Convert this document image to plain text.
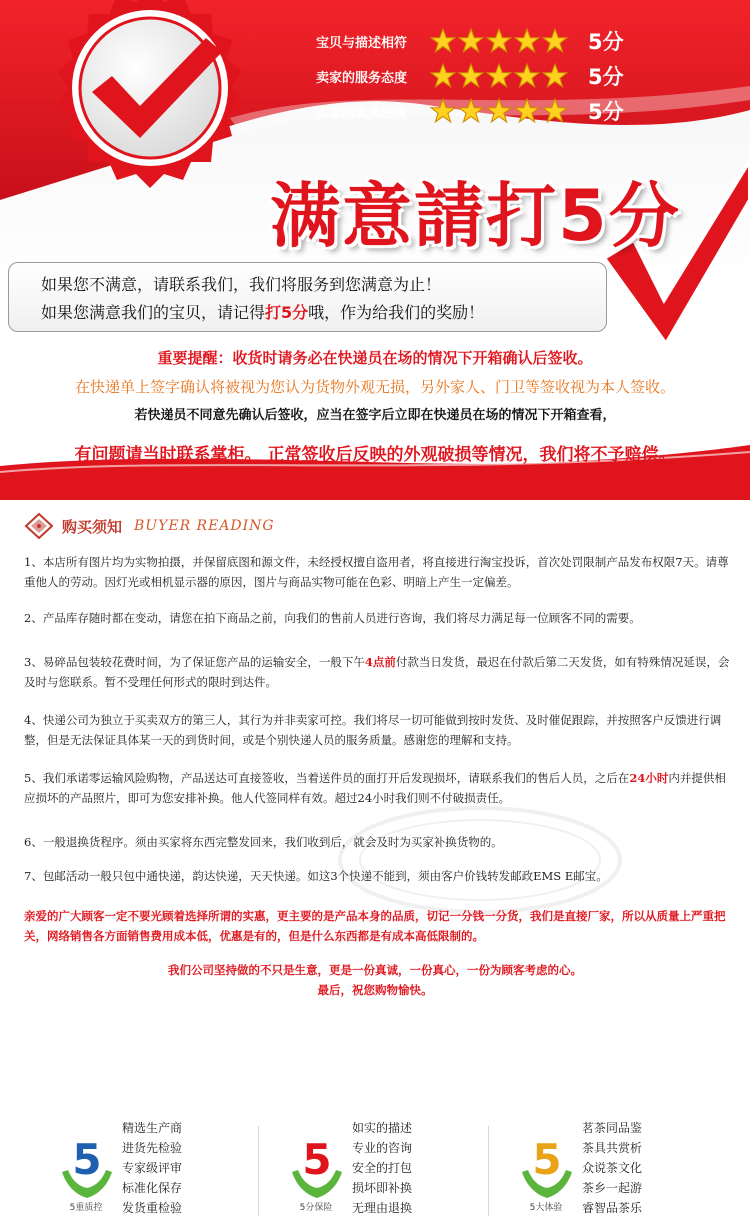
宝贝与描述相符	5分
卖家的服务态度	5分
卖家的发货速度	5分
满意請打5分
如果您不满意，请联系我们，我们将服务到您满意为止！
如果您满意我们的宝贝，请记得打5分哦，作为给我们的奖励！
重要提醒：收货时请务必在快递员在场的情况下开箱确认后签收。
在快递单上签字确认将被视为您认为货物外观无损，另外家人、门卫等签收视为本人签收。
若快递员不同意先确认后签收，应当在签字后立即在快递员在场的情况下开箱查看，
有问题请当时联系掌柜。 正常签收后反映的外观破损等情况，我们将不予赔偿。
购买须知 BUYER READING
1、本店所有图片均为实物拍摄，并保留底图和源文件，未经授权擅自盗用者，将直接进行淘宝投诉，首次处罚限制产品发布权限7天。请尊重他人的劳动。因灯光或相机显示器的原因，图片与商品实物可能在色彩、明暗上产生一定偏差。
2、产品库存随时都在变动，请您在拍下商品之前，向我们的售前人员进行咨询，我们将尽力满足每一位顾客不同的需要。
3、易碎品包装较花费时间，为了保证您产品的运输安全，一般下午4点前付款当日发货，最迟在付款后第二天发货，如有特殊情况延误，会及时与您联系。暂不受理任何形式的限时到达件。
4、快递公司为独立于买卖双方的第三人，其行为并非卖家可控。我们将尽一切可能做到按时发货、及时催促跟踪，并按照客户反馈进行调整，但是无法保证具体某一天的到货时间，或是个别快递人员的服务质量。感谢您的理解和支持。
5、我们承诺零运输风险购物，产品送达可直接签收，当着送件员的面打开后发现损坏，请联系我们的售后人员，之后在24小时内并提供相应损坏的产品照片，即可为您安排补换。他人代签同样有效。超过24小时我们则不付破损责任。
6、一般退换货程序。须由买家将东西完整发回来，我们收到后，就会及时为买家补换货物的。
7、包邮活动一般只包中通快递，韵达快递，天天快递。如这3个快递不能到，须由客户价钱转发邮政EMS E邮宝。
亲爱的广大顾客一定不要光顾着选择所谓的实惠，更主要的是产品本身的品质，切记一分钱一分货，我们是直接厂家，所以从质量上严重把关，网络销售各方面销售费用成本低，优惠是有的，但是什么东西都是有成本高低限制的。
我们公司坚持做的不只是生意，更是一份真诚，一份真心，一份为顾客考虑的心。
最后，祝您购物愉快。
5
5重质控
精选生产商
进货先检验
专家级评审
标准化保存
发货重检验
5
5分保险
如实的描述
专业的咨询
安全的打包
损坏即补换
无理由退换
5
5大体验
茗茶同品鉴
茶具共赏析
众说茶文化
茶乡一起游
睿智品茶乐
